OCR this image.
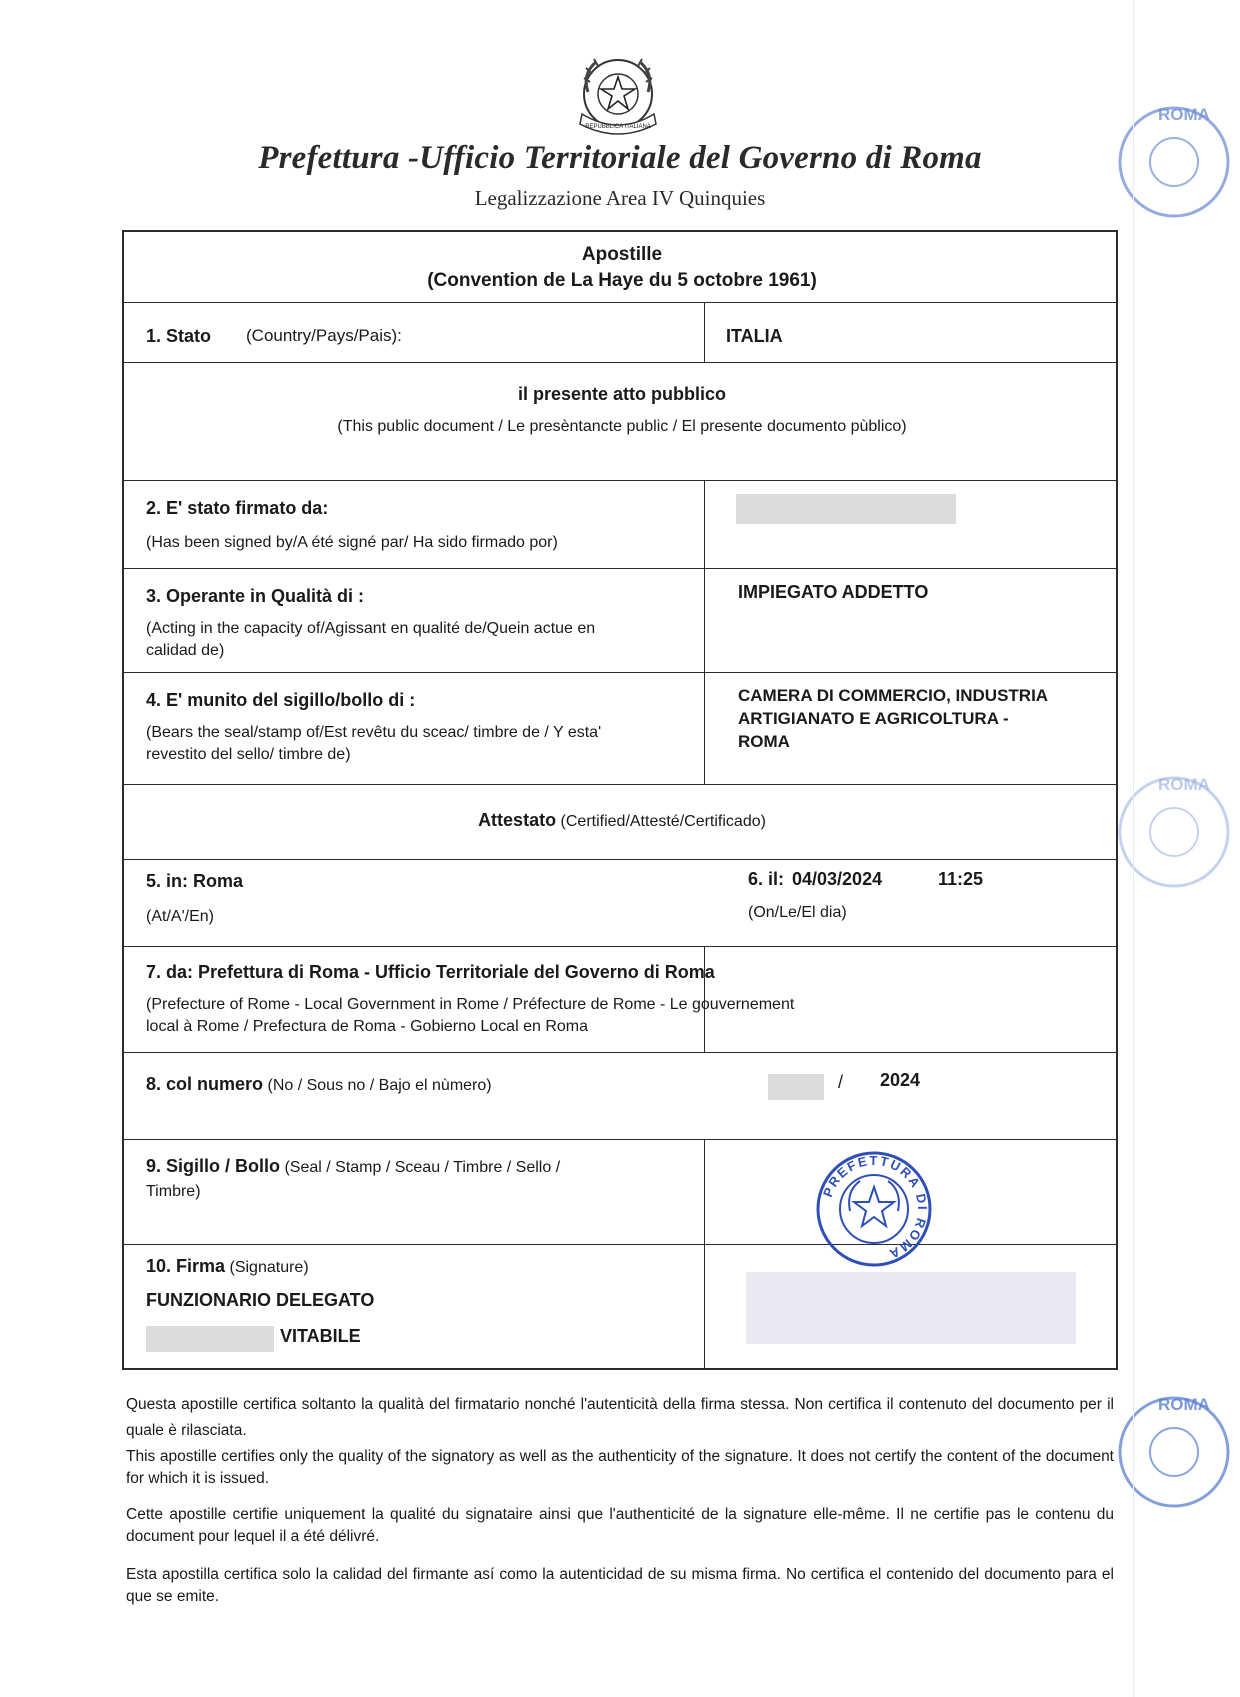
REPUBBLICA ITALIANA
Prefettura -Ufficio Territoriale del Governo di Roma
Legalizzazione Area IV Quinquies
Apostille
(Convention de La Haye du 5 octobre 1961)
1. Stato (Country/Pays/Pais):	ITALIA
il presente atto pubblico
(This public document / Le presèntancte public / El presente documento pùblico)
2. E' stato firmato da:
(Has been signed by/A été signé par/ Ha sido firmado por)
3. Operante in Qualità di :
(Acting in the capacity of/Agissant en qualité de/Quein actue en calidad de)
IMPIEGATO ADDETTO
4. E' munito del sigillo/bollo di :
(Bears the seal/stamp of/Est revêtu du sceac/ timbre de / Y esta' revestito del sello/ timbre de)
CAMERA DI COMMERCIO, INDUSTRIA
ARTIGIANATO E AGRICOLTURA -
ROMA
Attestato (Certified/Attesté/Certificado)
5. in: Roma
(At/A'/En)
6. il: 04/03/2024	11:25
(On/Le/El dia)
7. da: Prefettura di Roma - Ufficio Territoriale del Governo di Roma
(Prefecture of Rome - Local Government in Rome / Préfecture de Rome - Le gouvernement
local à Rome / Prefectura de Roma - Gobierno Local en Roma
8. col numero (No / Sous no / Bajo el nùmero)	/ 2024
9. Sigillo / Bollo (Seal / Stamp / Sceau / Timbre / Sello / Timbre)	PREFETTURA DI ROMA
10. Firma (Signature)
FUNZIONARIO DELEGATO
VITABILE
Questa apostille certifica soltanto la qualità del firmatario nonché l'autenticità della firma stessa. Non certifica il contenuto del documento per il quale è rilasciata.
This apostille certifies only the quality of the signatory as well as the authenticity of the signature. It does not certify the content of the document for which it is issued.
Cette apostille certifie uniquement la qualité du signataire ainsi que l'authenticité de la signature elle-même. Il ne certifie pas le contenu du document pour lequel il a été délivré.
Esta apostilla certifica solo la calidad del firmante así como la autenticidad de su misma firma. No certifica el contenido del documento para el que se emite.
ROMA
ROMA
ROMA
